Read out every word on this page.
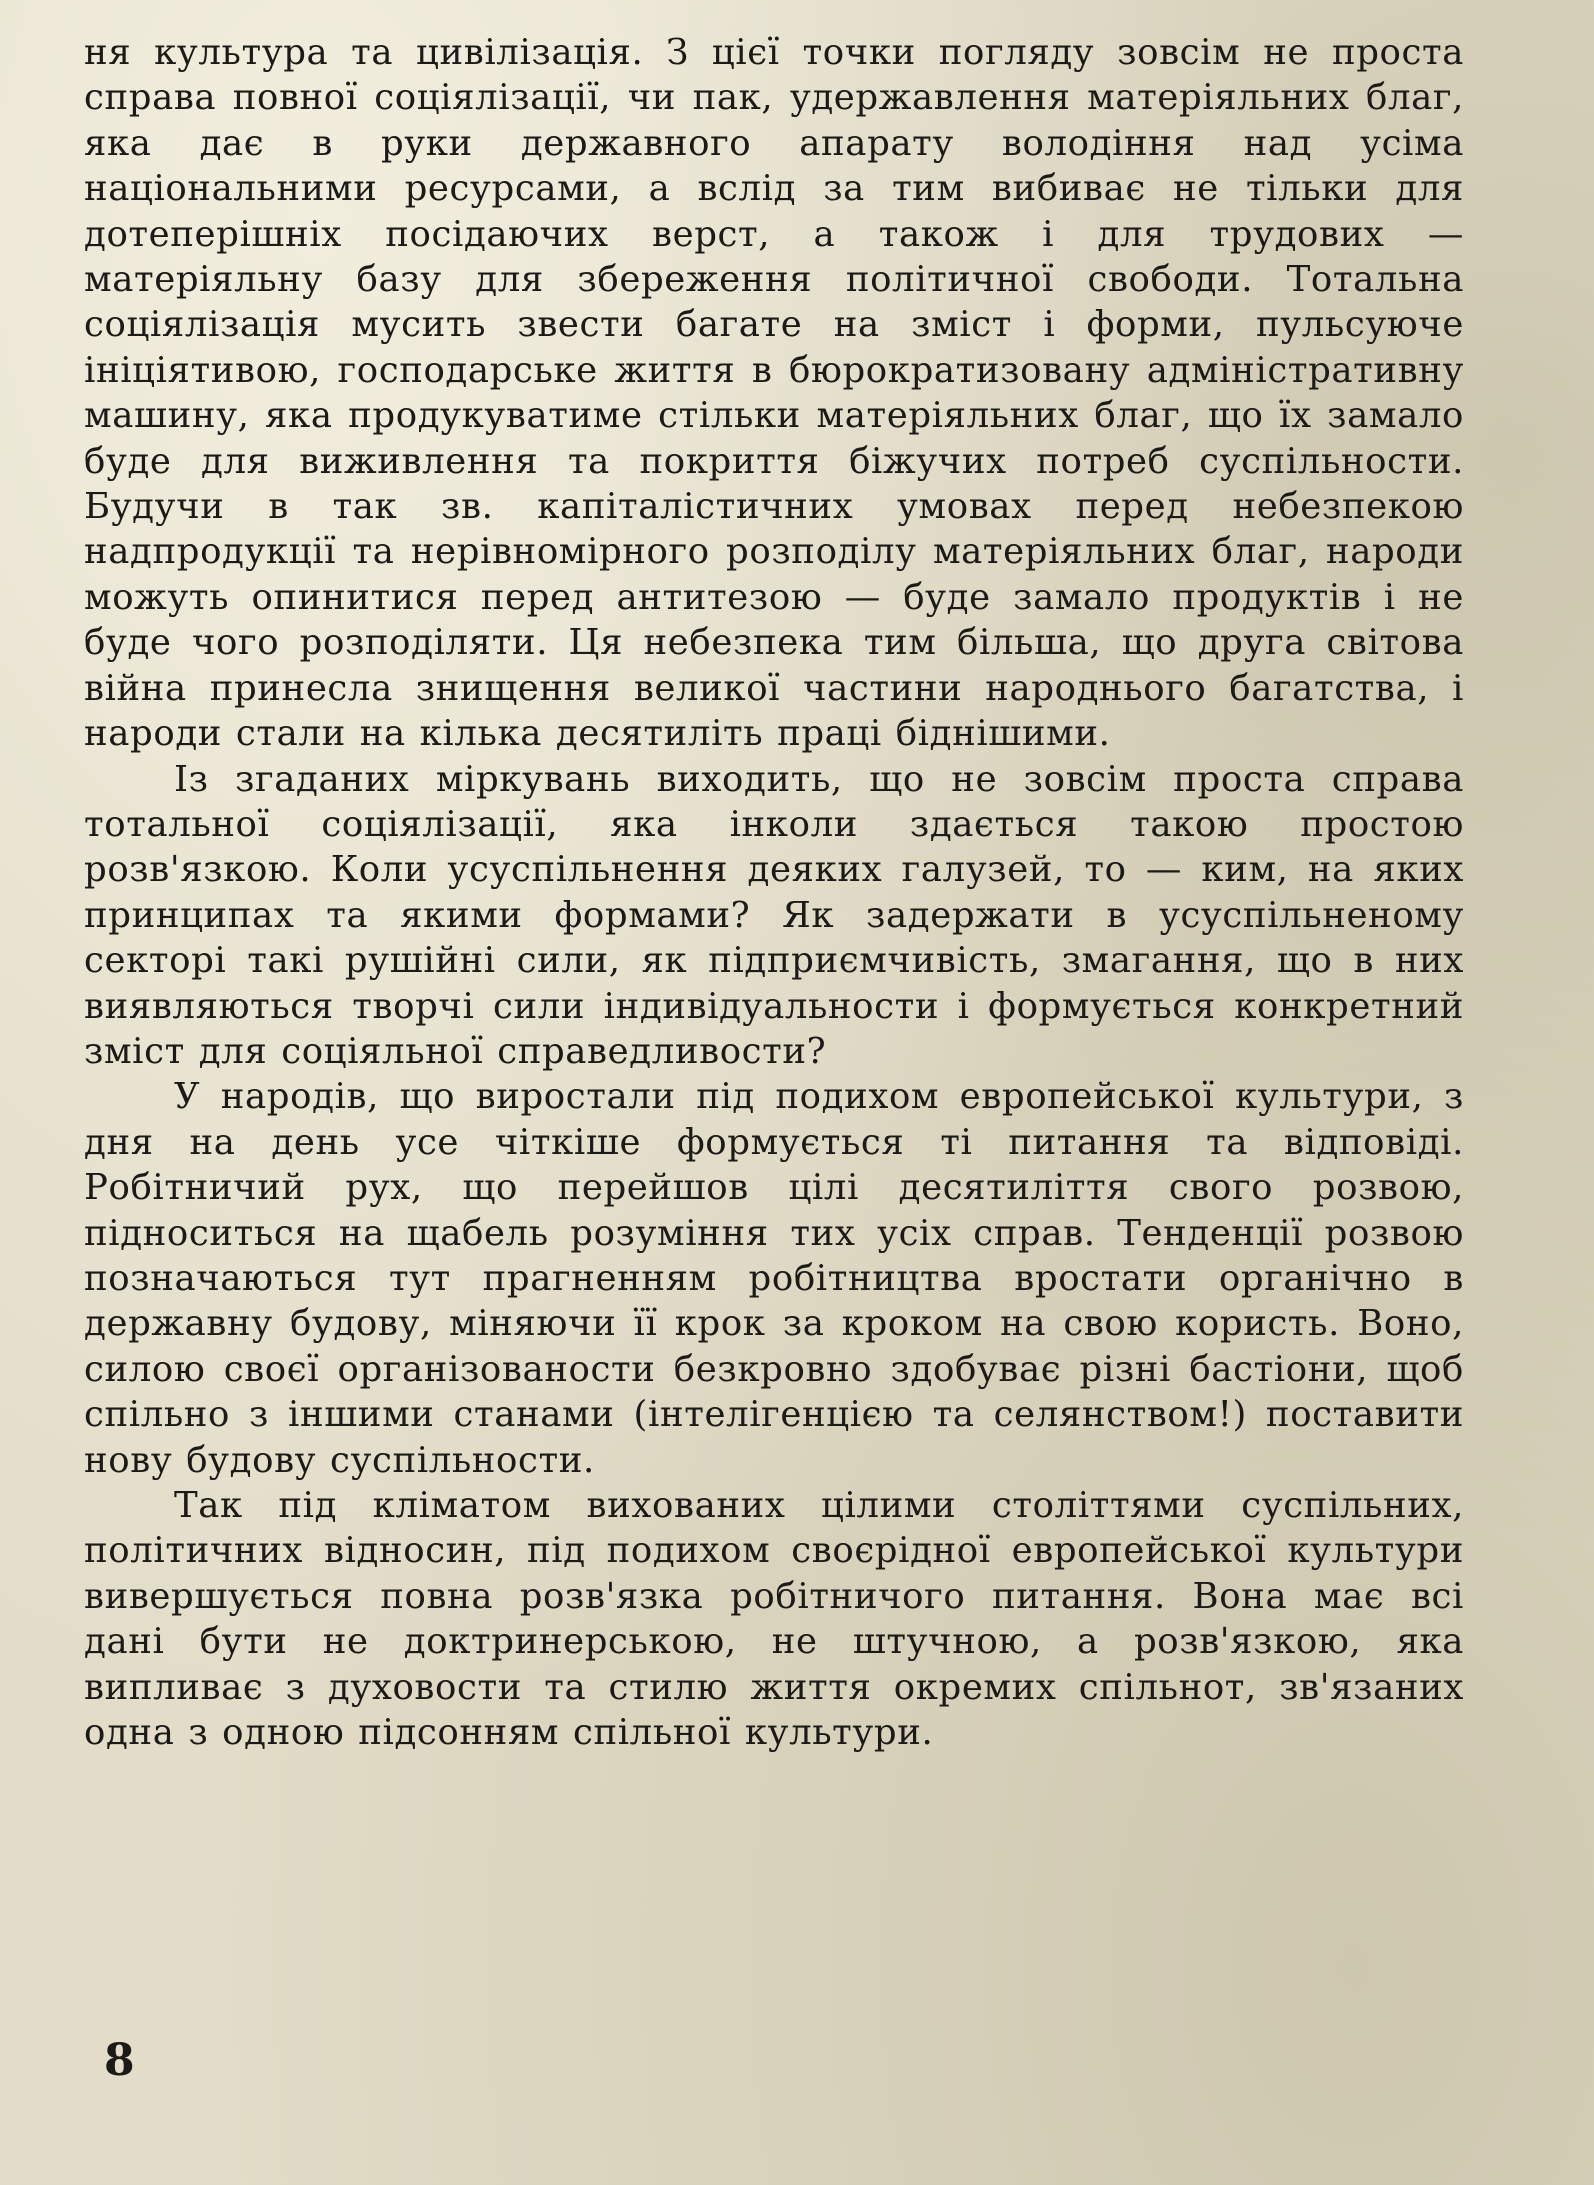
ня культура та цивілізація. З цієї точки погляду зовсім не проста справа повної соціялізації, чи пак, удержавлення матеріяльних благ, яка дає в руки державного апарату володіння над усіма національними ресурсами, а вслід за тим вибиває не тільки для дотеперішніх посідаючих верст, а також і для трудових — матеріяльну базу для збереження політичної свободи. Тотальна соціялізація мусить звести багате на зміст і форми, пульсуюче ініціятивою, господарське життя в бюрократизовану адміністративну машину, яка продукуватиме стільки матеріяльних благ, що їх замало буде для виживлення та покриття біжучих потреб суспільности. Будучи в так зв. капіталістичних умовах перед небезпекою надпродукції та нерівномірного розподілу матеріяльних благ, народи можуть опинитися перед антитезою — буде замало продуктів і не буде чого розподіляти. Ця небезпека тим більша, що друга світова війна принесла знищення великої частини народнього багатства, і народи стали на кілька десятиліть праці біднішими.

Із згаданих міркувань виходить, що не зовсім проста справа тотальної соціялізації, яка інколи здається такою простою розв'язкою. Коли усуспільнення деяких галузей, то — ким, на яких принципах та якими формами? Як задержати в усуспільненому секторі такі рушійні сили, як підприємчивість, змагання, що в них виявляються творчі сили індивідуальности і формується конкретний зміст для соціяльної справедливости?

У народів, що виростали під подихом европейської культури, з дня на день усе чіткіше формується ті питання та відповіді. Робітничий рух, що перейшов цілі десятиліття свого розвою, підноситься на щабель розуміння тих усіх справ. Тенденції розвою позначаються тут прагненням робітництва вростати органічно в державну будову, міняючи її крок за кроком на свою користь. Воно, силою своєї організованости безкровно здобуває різні бастіони, щоб спільно з іншими станами (інтелігенцією та селянством!) поставити нову будову суспільности.

Так під кліматом вихованих цілими століттями суспільних, політичних відносин, під подихом своєрідної европейської культури вивершується повна розв'язка робітничого питання. Вона має всі дані бути не доктринерською, не штучною, а розв'язкою, яка випливає з духовости та стилю життя окремих спільнот, зв'язаних одна з одною підсонням спільної культури.

8
